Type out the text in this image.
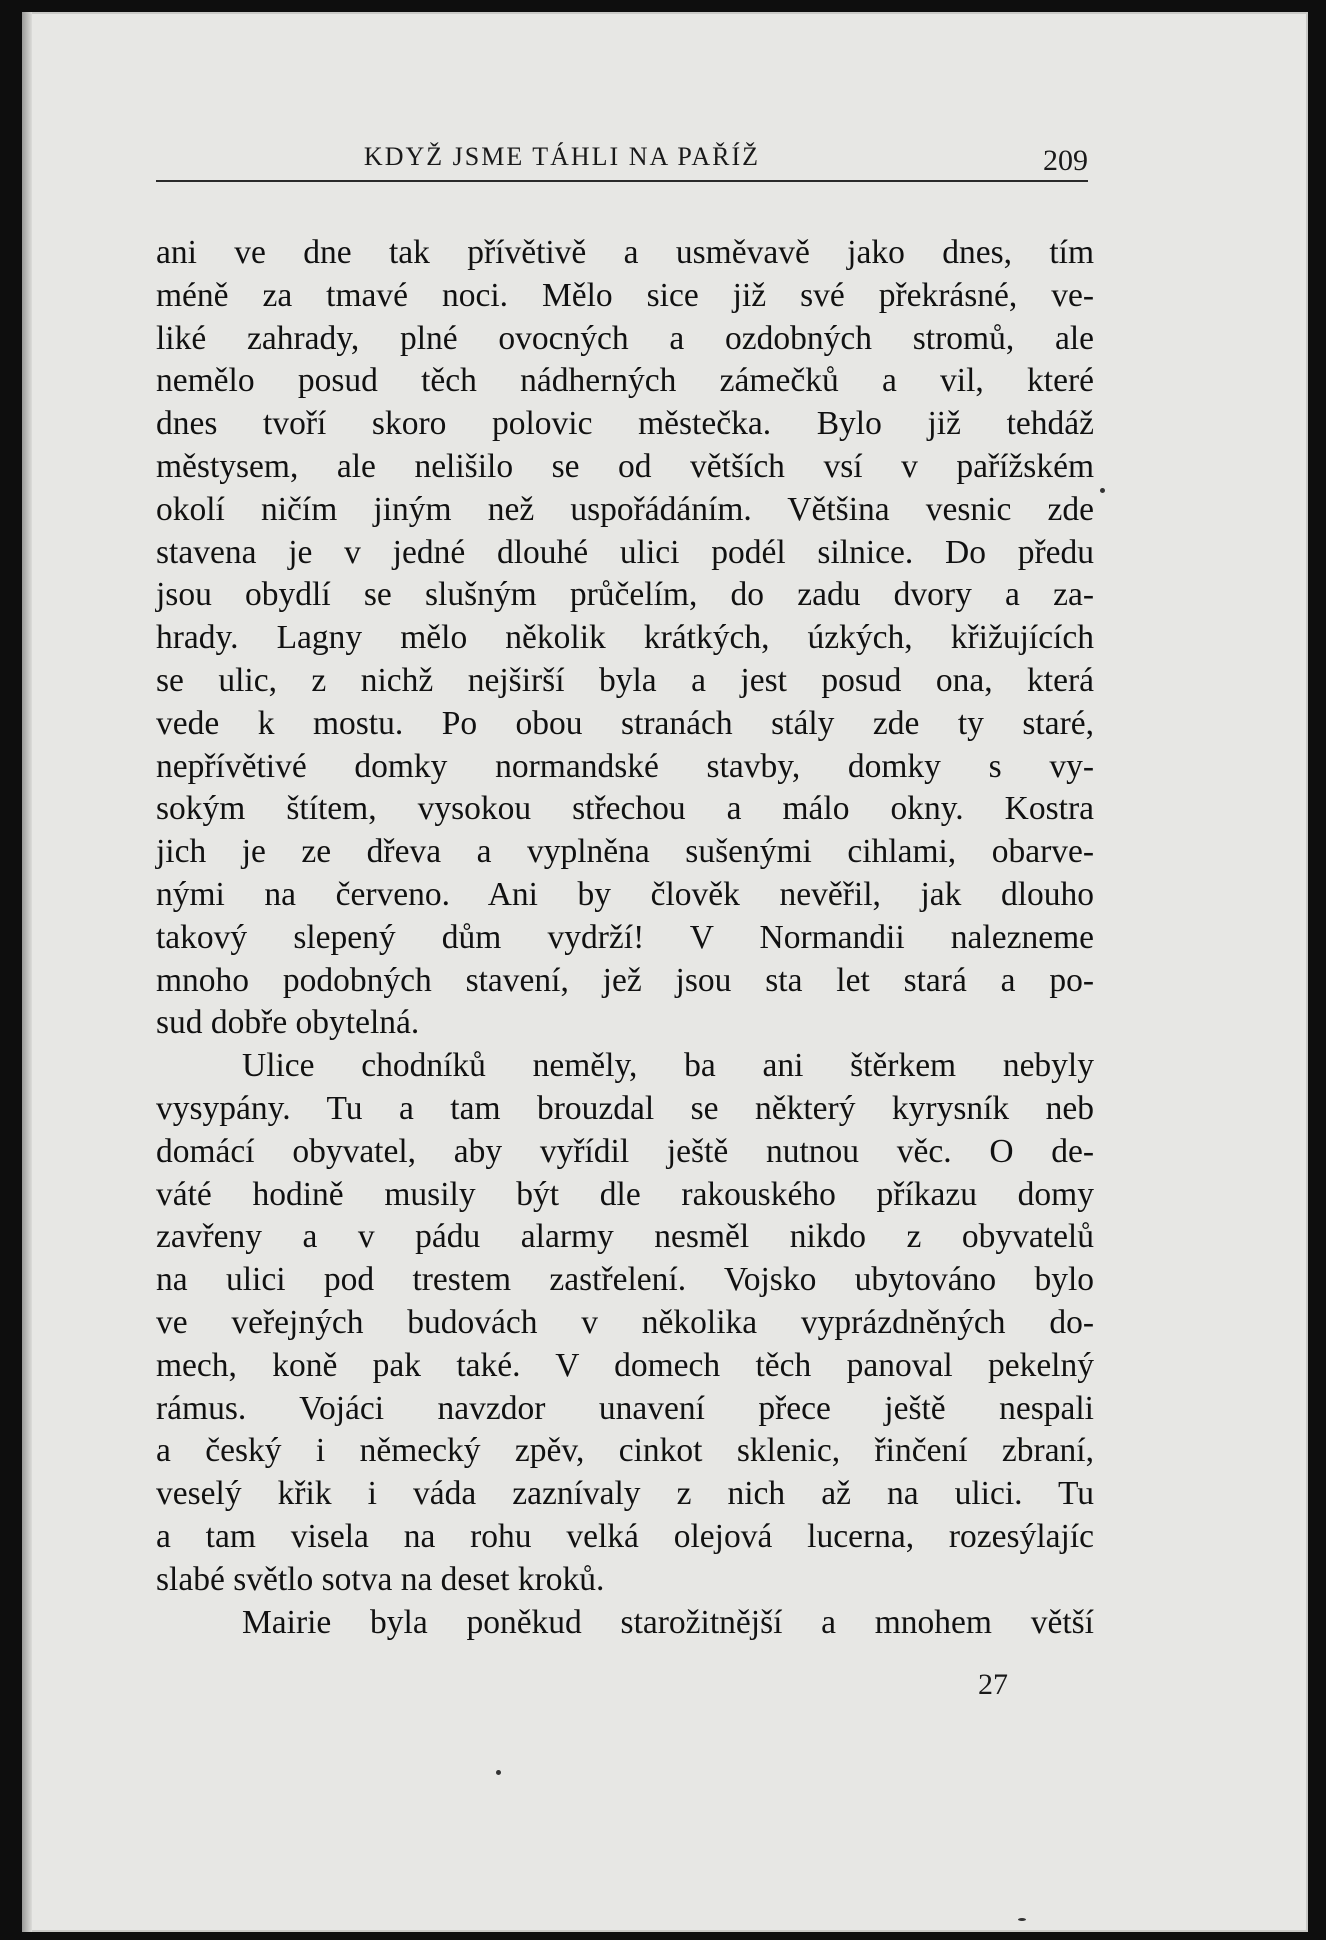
KDYŽ JSME TÁHLI NA PAŘÍŽ	209
ani ve dne tak přívětivě a usměvavě jako dnes, tím
méně za tmavé noci. Mělo sice již své překrásné, ve-
liké zahrady, plné ovocných a ozdobných stromů, ale
nemělo posud těch nádherných zámečků a vil, které
dnes tvoří skoro polovic městečka. Bylo již tehdáž
městysem, ale nelišilo se od větších vsí v pařížském
okolí ničím jiným než uspořádáním. Většina vesnic zde
stavena je v jedné dlouhé ulici podél silnice. Do předu
jsou obydlí se slušným průčelím, do zadu dvory a za-
hrady. Lagny mělo několik krátkých, úzkých, křižujících
se ulic, z nichž nejširší byla a jest posud ona, která
vede k mostu. Po obou stranách stály zde ty staré,
nepřívětivé domky normandské stavby, domky s vy-
sokým štítem, vysokou střechou a málo okny. Kostra
jich je ze dřeva a vyplněna sušenými cihlami, obarve-
nými na červeno. Ani by člověk nevěřil, jak dlouho
takový slepený dům vydrží! V Normandii nalezneme
mnoho podobných stavení, jež jsou sta let stará a po-
sud dobře obytelná.
Ulice chodníků neměly, ba ani štěrkem nebyly
vysypány. Tu a tam brouzdal se některý kyrysník neb
domácí obyvatel, aby vyřídil ještě nutnou věc. O de-
váté hodině musily být dle rakouského příkazu domy
zavřeny a v pádu alarmy nesměl nikdo z obyvatelů
na ulici pod trestem zastřelení. Vojsko ubytováno bylo
ve veřejných budovách v několika vyprázdněných do-
mech, koně pak také. V domech těch panoval pekelný
rámus. Vojáci navzdor unavení přece ještě nespali
a český i německý zpěv, cinkot sklenic, řinčení zbraní,
veselý křik i váda zaznívaly z nich až na ulici. Tu
a tam visela na rohu velká olejová lucerna, rozesýlajíc
slabé světlo sotva na deset kroků.
Mairie byla poněkud starožitnější a mnohem větší
27
